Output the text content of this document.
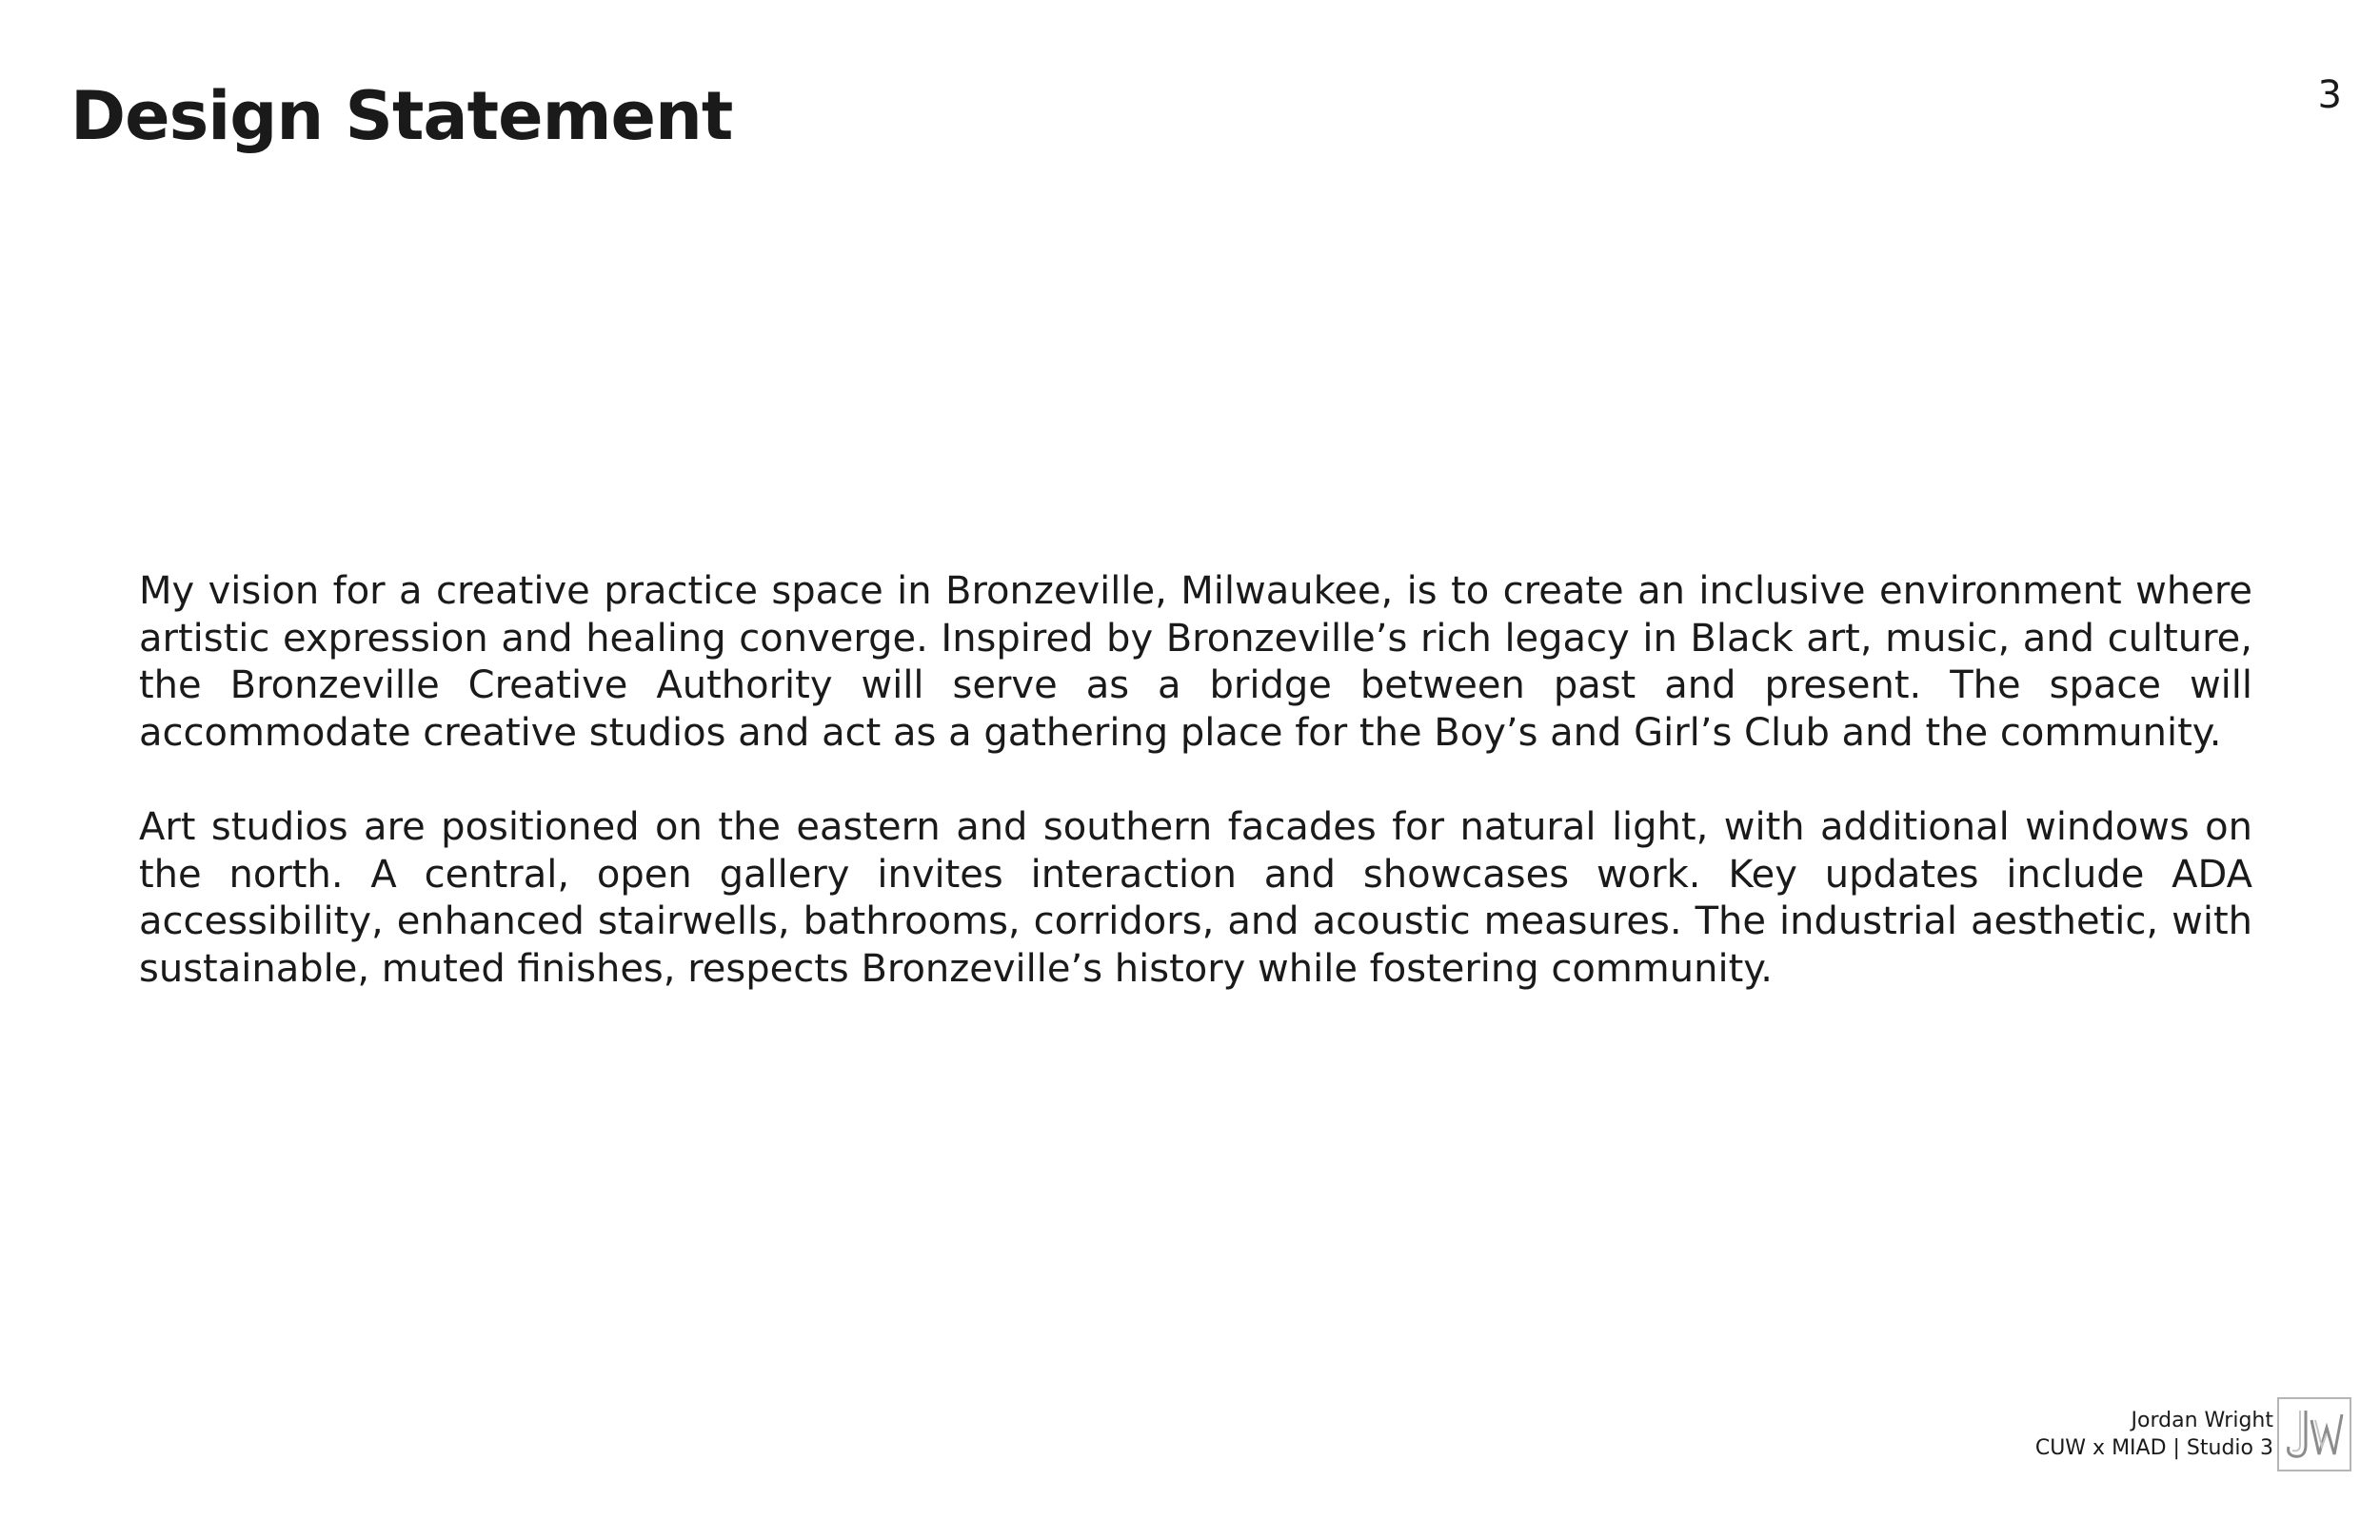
Design Statement	3

My vision for a creative practice space in Bronzeville, Milwaukee, is to create an inclusive environment where artistic expression and healing converge. Inspired by Bronzeville’s rich legacy in Black art, music, and culture, the Bronzeville Creative Authority will serve as a bridge between past and present. The space will accommodate creative studios and act as a gathering place for the Boy’s and Girl’s Club and the community.

Art studios are positioned on the eastern and southern facades for natural light, with additional windows on the north. A central, open gallery invites interaction and showcases work. Key updates include ADA accessibility, enhanced stairwells, bathrooms, corridors, and acoustic measures. The industrial aesthetic, with sustainable, muted finishes, respects Bronzeville’s history while fostering community.

Jordan Wright
CUW x MIAD | Studio 3
